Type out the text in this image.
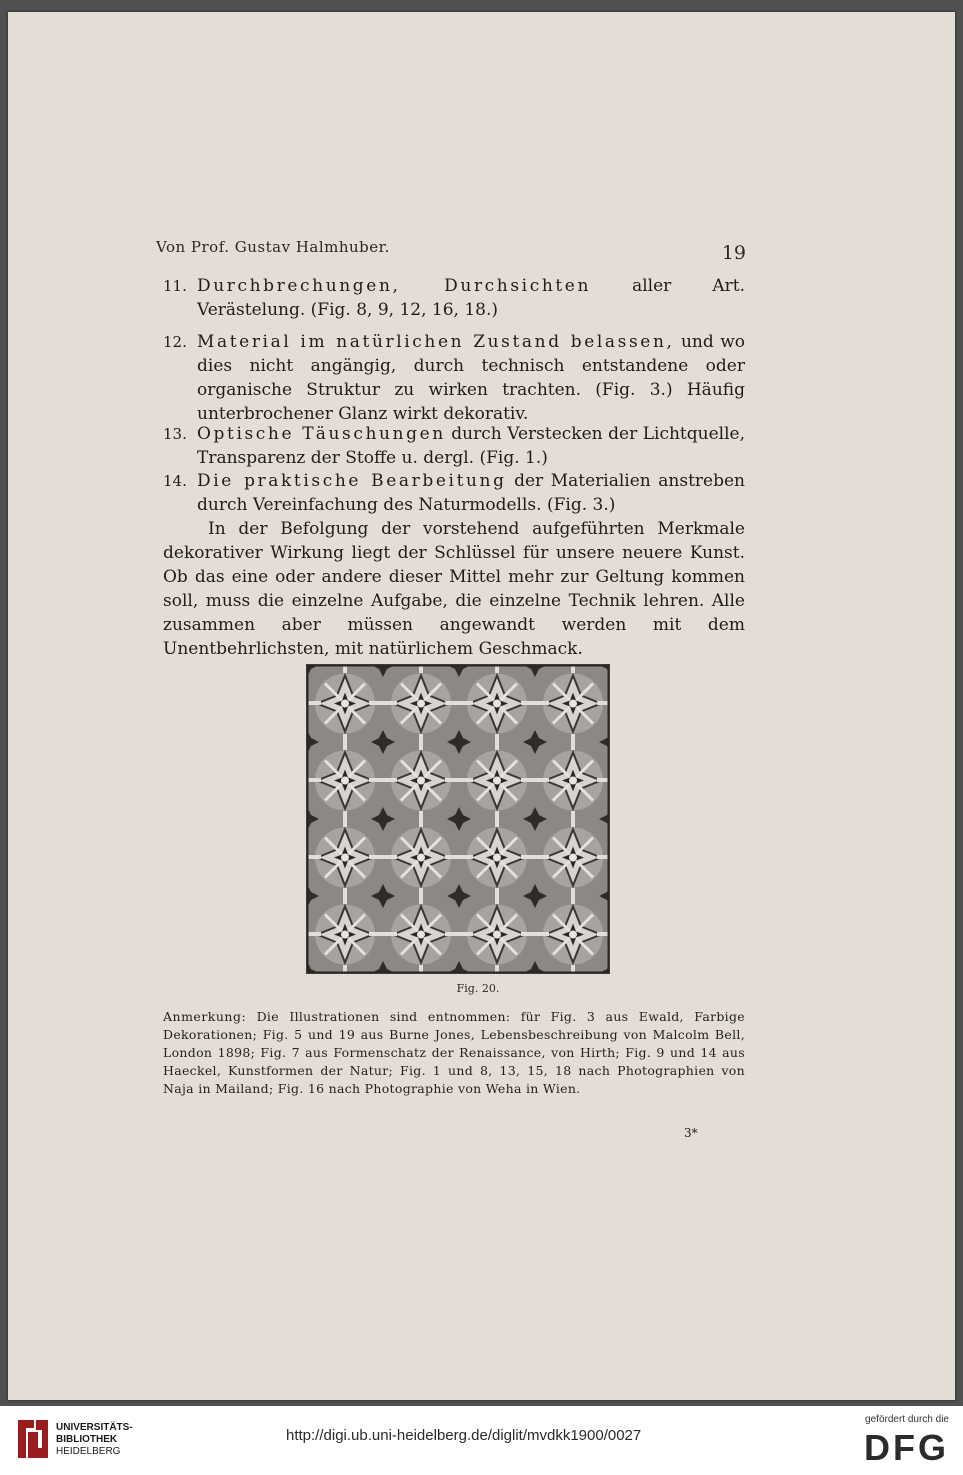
Von Prof. Gustav Halmhuber.	19
11. Durchbrechungen, Durchsichten aller Art. Verästelung. (Fig. 8, 9, 12, 16, 18.)
12. Material im natürlichen Zustand belassen, und wo dies nicht angängig, durch technisch entstandene oder organische Struktur zu wirken trachten. (Fig. 3.) Häufig unterbrochener Glanz wirkt dekorativ.
13. Optische Täuschungen durch Verstecken der Lichtquelle, Transparenz der Stoffe u. dergl. (Fig. 1.)
14. Die praktische Bearbeitung der Materialien anstreben durch Vereinfachung des Naturmodells. (Fig. 3.)
In der Befolgung der vorstehend aufgeführten Merkmale dekorativer Wirkung liegt der Schlüssel für unsere neuere Kunst. Ob das eine oder andere dieser Mittel mehr zur Geltung kommen soll, muss die einzelne Aufgabe, die einzelne Technik lehren. Alle zusammen aber müssen angewandt werden mit dem Unentbehrlichsten, mit natürlichem Geschmack.
Fig. 20.
Anmerkung: Die Illustrationen sind entnommen: für Fig. 3 aus Ewald, Farbige Dekorationen; Fig. 5 und 19 aus Burne Jones, Lebensbeschreibung von Malcolm Bell, London 1898; Fig. 7 aus Formenschatz der Renaissance, von Hirth; Fig. 9 und 14 aus Haeckel, Kunstformen der Natur; Fig. 1 und 8, 13, 15, 18 nach Photographien von Naja in Mailand; Fig. 16 nach Photographie von Weha in Wien.
3*
UNIVERSITÄTS-
BIBLIOTHEK
HEIDELBERG
http://digi.ub.uni-heidelberg.de/diglit/mvdkk1900/0027
gefördert durch die
DFG
